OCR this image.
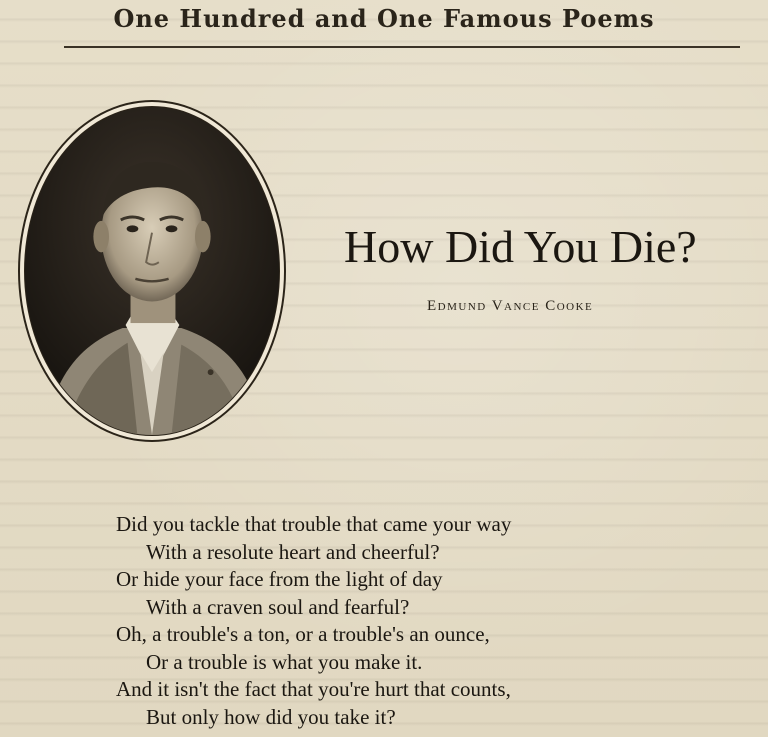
One Hundred and One Famous Poems
How Did You Die?
Edmund Vance Cooke
Did you tackle that trouble that came your way
With a resolute heart and cheerful?
Or hide your face from the light of day
With a craven soul and fearful?
Oh, a trouble's a ton, or a trouble's an ounce,
Or a trouble is what you make it.
And it isn't the fact that you're hurt that counts,
But only how did you take it?
